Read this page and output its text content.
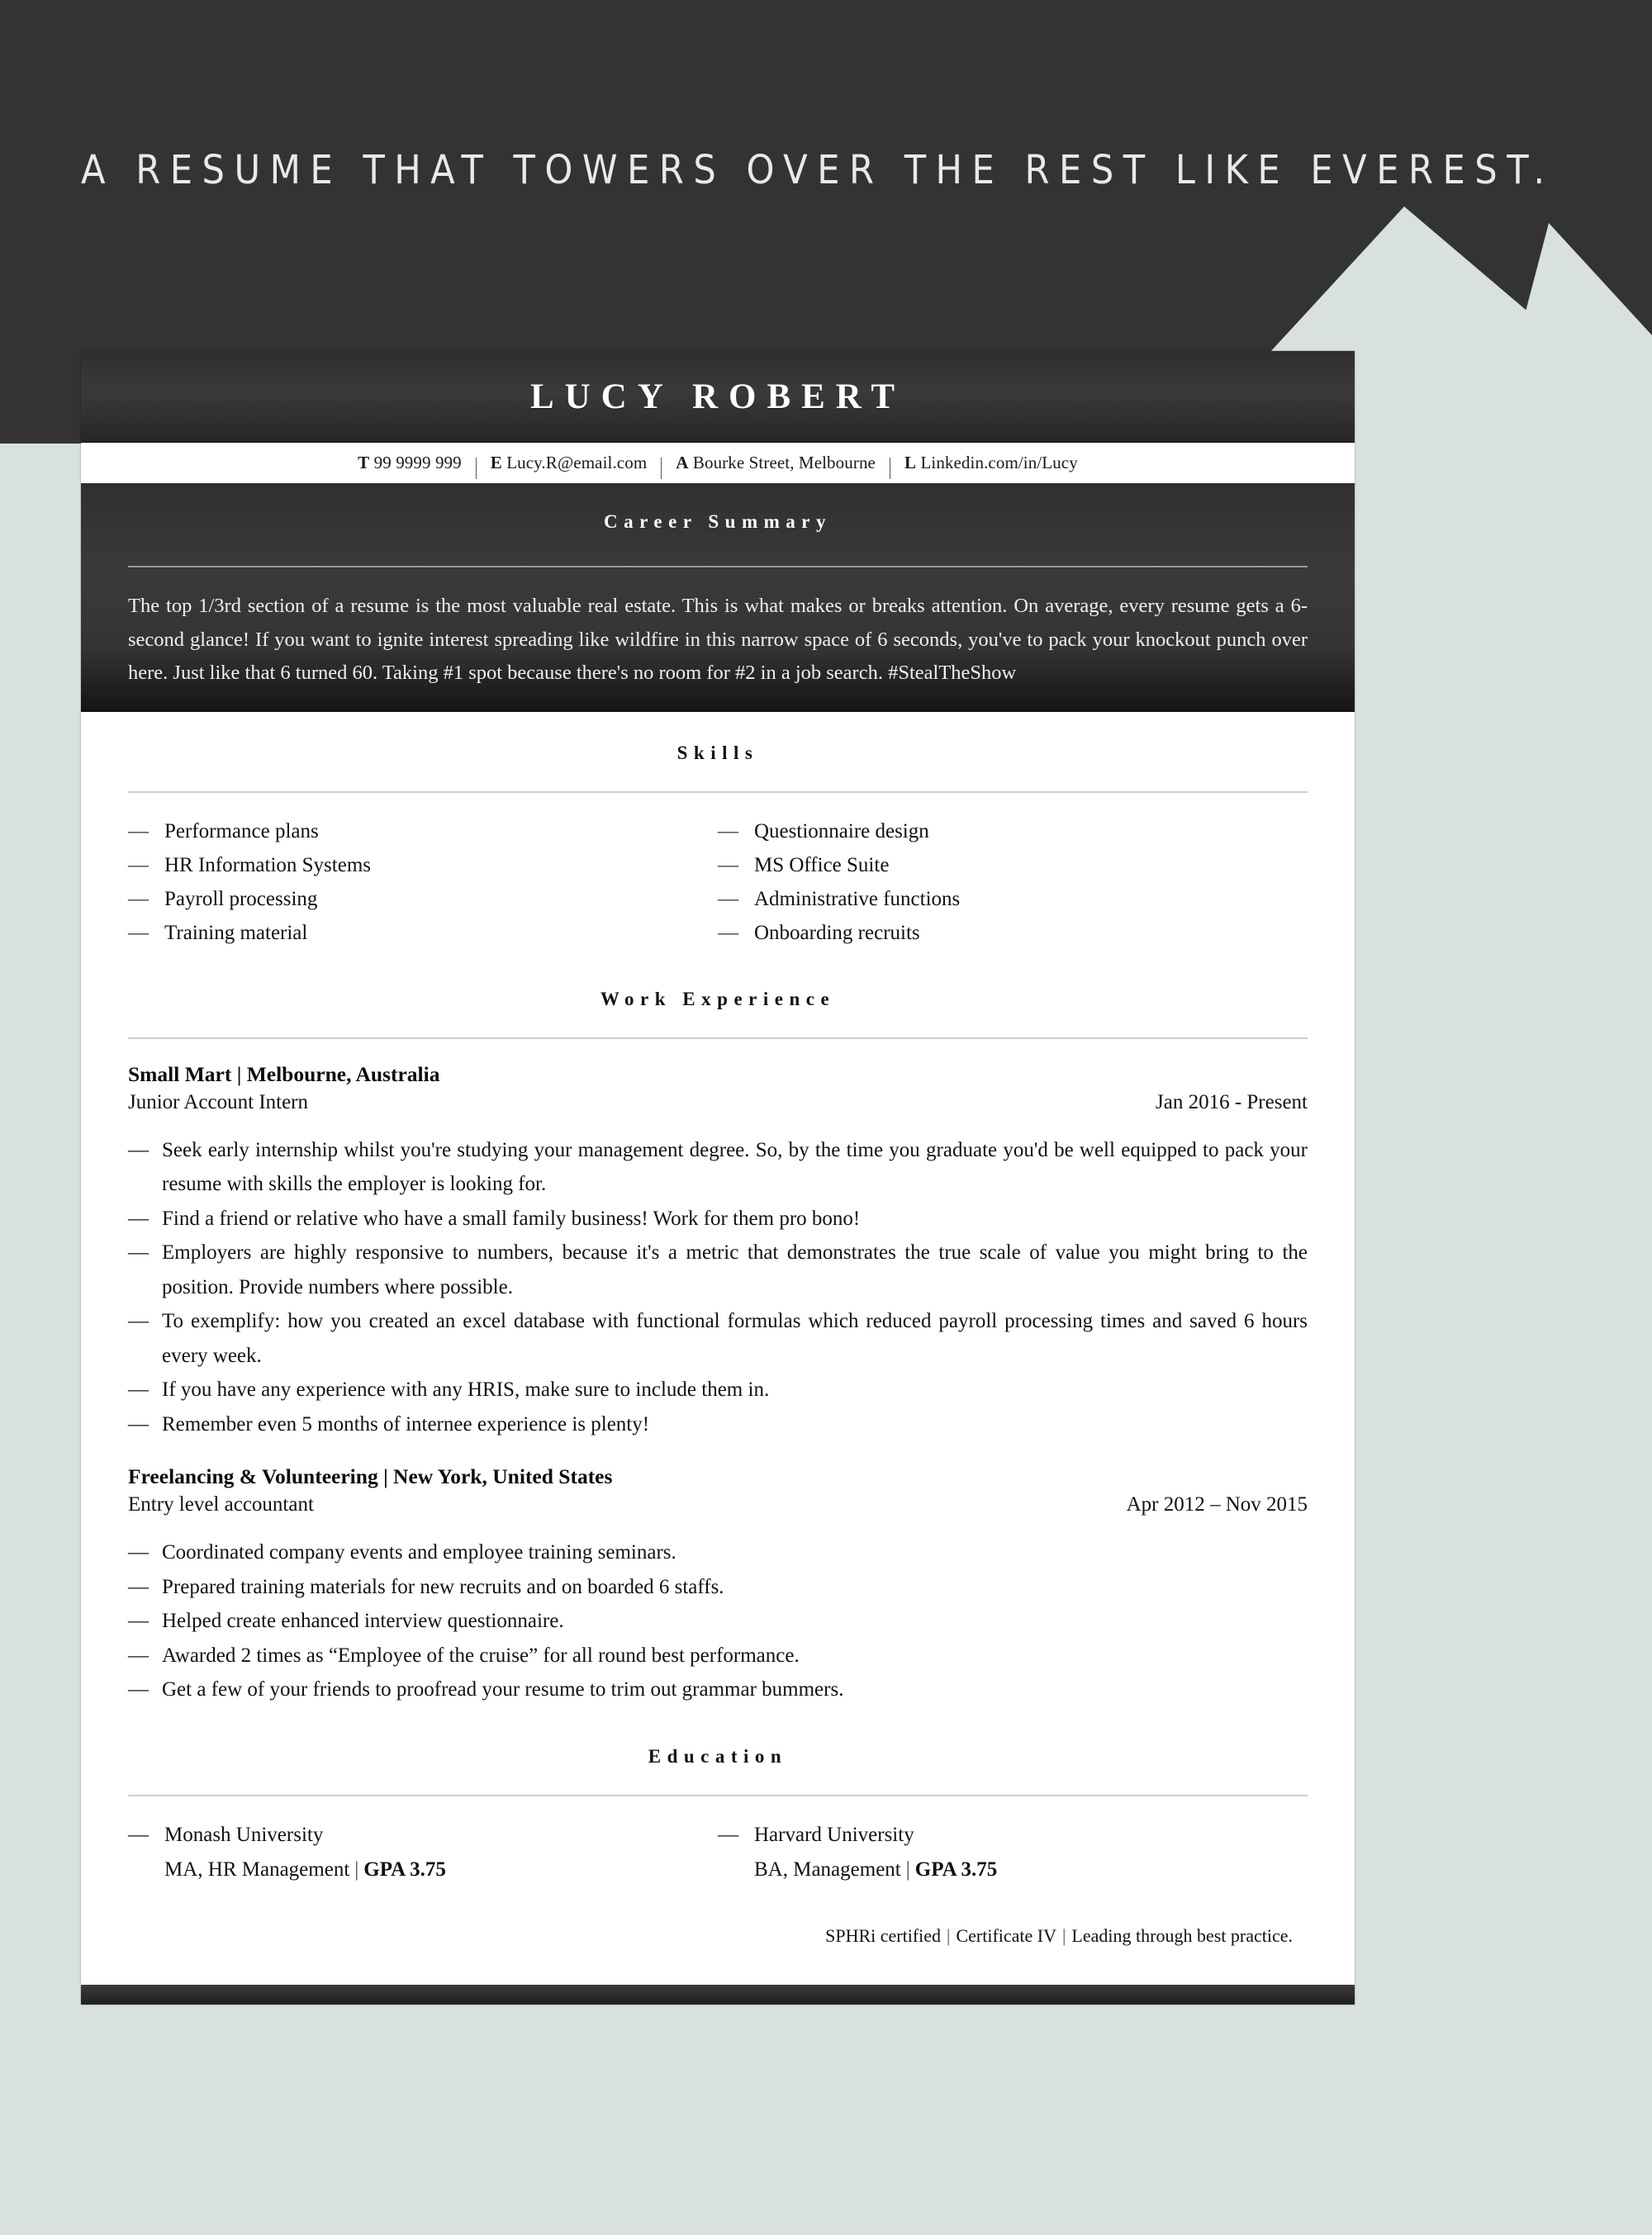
A RESUME THAT TOWERS OVER THE REST LIKE EVEREST.
LUCY ROBERT
T 99 9999 999 E Lucy.R@email.com A Bourke Street, Melbourne L Linkedin.com/in/Lucy
Career Summary
The top 1/3rd section of a resume is the most valuable real estate. This is what makes or breaks attention. On average, every resume gets a 6-second glance! If you want to ignite interest spreading like wildfire in this narrow space of 6 seconds, you've to pack your knockout punch over here. Just like that 6 turned 60. Taking #1 spot because there's no room for #2 in a job search. #StealTheShow
Skills
— Performance plans
— HR Information Systems
— Payroll processing
— Training material
— Questionnaire design
— MS Office Suite
— Administrative functions
— Onboarding recruits
Work Experience
Small Mart | Melbourne, Australia
Junior Account Intern	Jan 2016 - Present
— Seek early internship whilst you're studying your management degree. So, by the time you graduate you'd be well equipped to pack your resume with skills the employer is looking for.
— Find a friend or relative who have a small family business! Work for them pro bono!
— Employers are highly responsive to numbers, because it's a metric that demonstrates the true scale of value you might bring to the position. Provide numbers where possible.
— To exemplify: how you created an excel database with functional formulas which reduced payroll processing times and saved 6 hours every week.
— If you have any experience with any HRIS, make sure to include them in.
— Remember even 5 months of internee experience is plenty!
Freelancing & Volunteering | New York, United States
Entry level accountant	Apr 2012 – Nov 2015
— Coordinated company events and employee training seminars.
— Prepared training materials for new recruits and on boarded 6 staffs.
— Helped create enhanced interview questionnaire.
— Awarded 2 times as “Employee of the cruise” for all round best performance.
— Get a few of your friends to proofread your resume to trim out grammar bummers.
Education
— Monash University
MA, HR Management | GPA 3.75
— Harvard University
BA, Management | GPA 3.75
SPHRi certified | Certificate IV | Leading through best practice.
